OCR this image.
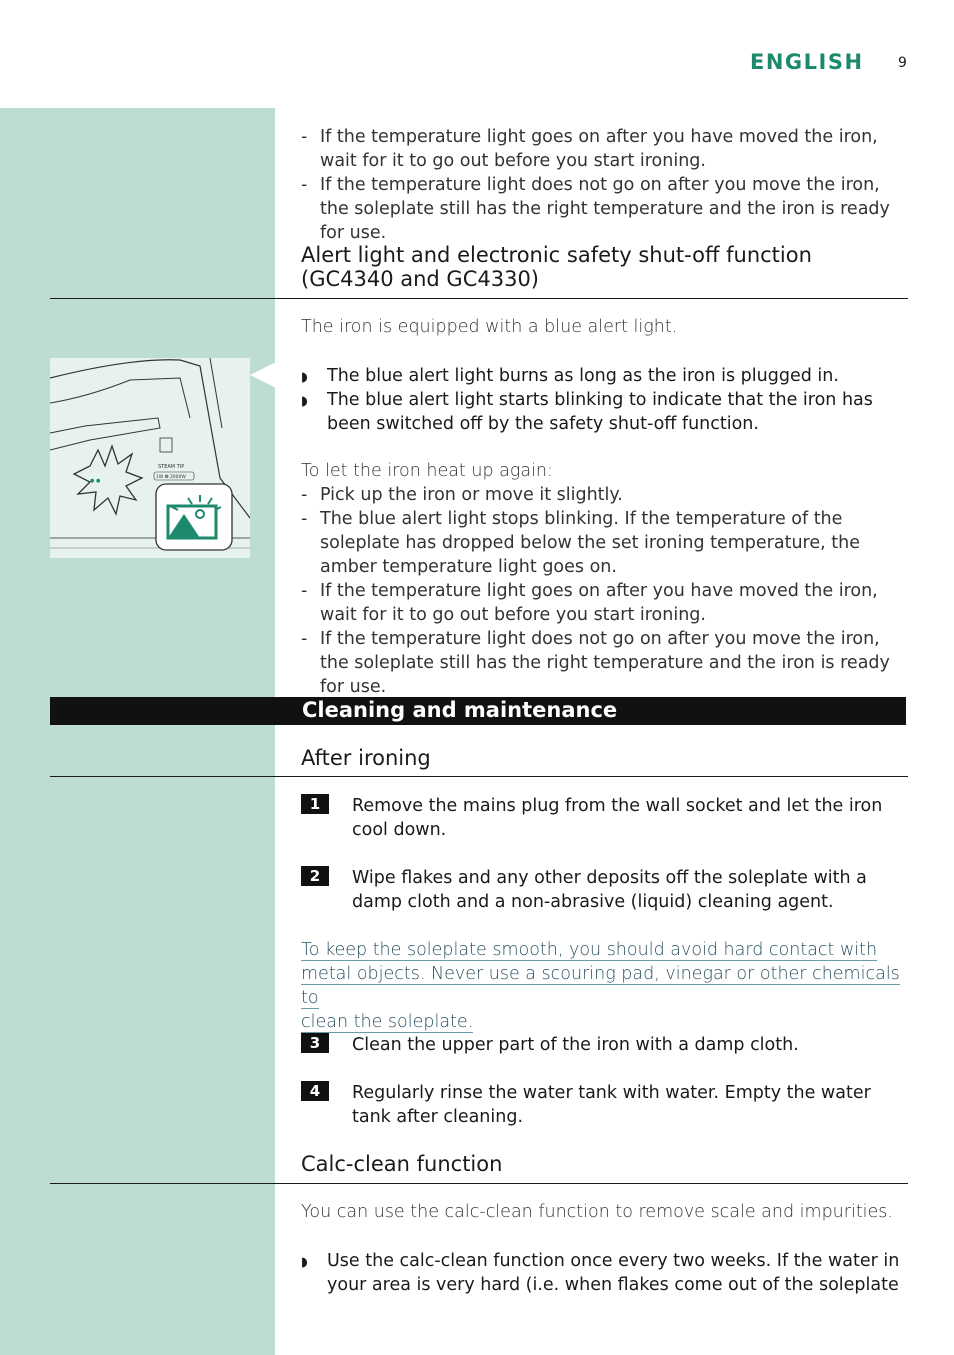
ENGLISH 9
- If the temperature light goes on after you have moved the iron, wait for it to go out before you start ironing.
- If the temperature light does not go on after you move the iron, the soleplate still has the right temperature and the iron is ready for use.
Alert light and electronic safety shut-off function (GC4340 and GC4330)
The iron is equipped with a blue alert light.
● ●
STEAM TIP
1W ⛃ 2000W
◗ The blue alert light burns as long as the iron is plugged in.
◗ The blue alert light starts blinking to indicate that the iron has been switched off by the safety shut-off function.
To let the iron heat up again:
- Pick up the iron or move it slightly.
- The blue alert light stops blinking. If the temperature of the soleplate has dropped below the set ironing temperature, the amber temperature light goes on.
- If the temperature light goes on after you have moved the iron, wait for it to go out before you start ironing.
- If the temperature light does not go on after you move the iron, the soleplate still has the right temperature and the iron is ready for use.
Cleaning and maintenance
After ironing
1	Remove the mains plug from the wall socket and let the iron cool down.
2	Wipe flakes and any other deposits off the soleplate with a damp cloth and a non-abrasive (liquid) cleaning agent.
To keep the soleplate smooth, you should avoid hard contact with
metal objects. Never use a scouring pad, vinegar or other chemicals to
clean the soleplate.
3	Clean the upper part of the iron with a damp cloth.
4	Regularly rinse the water tank with water. Empty the water tank after cleaning.
Calc-clean function
You can use the calc-clean function to remove scale and impurities.
◗ Use the calc-clean function once every two weeks. If the water in your area is very hard (i.e. when flakes come out of the soleplate
